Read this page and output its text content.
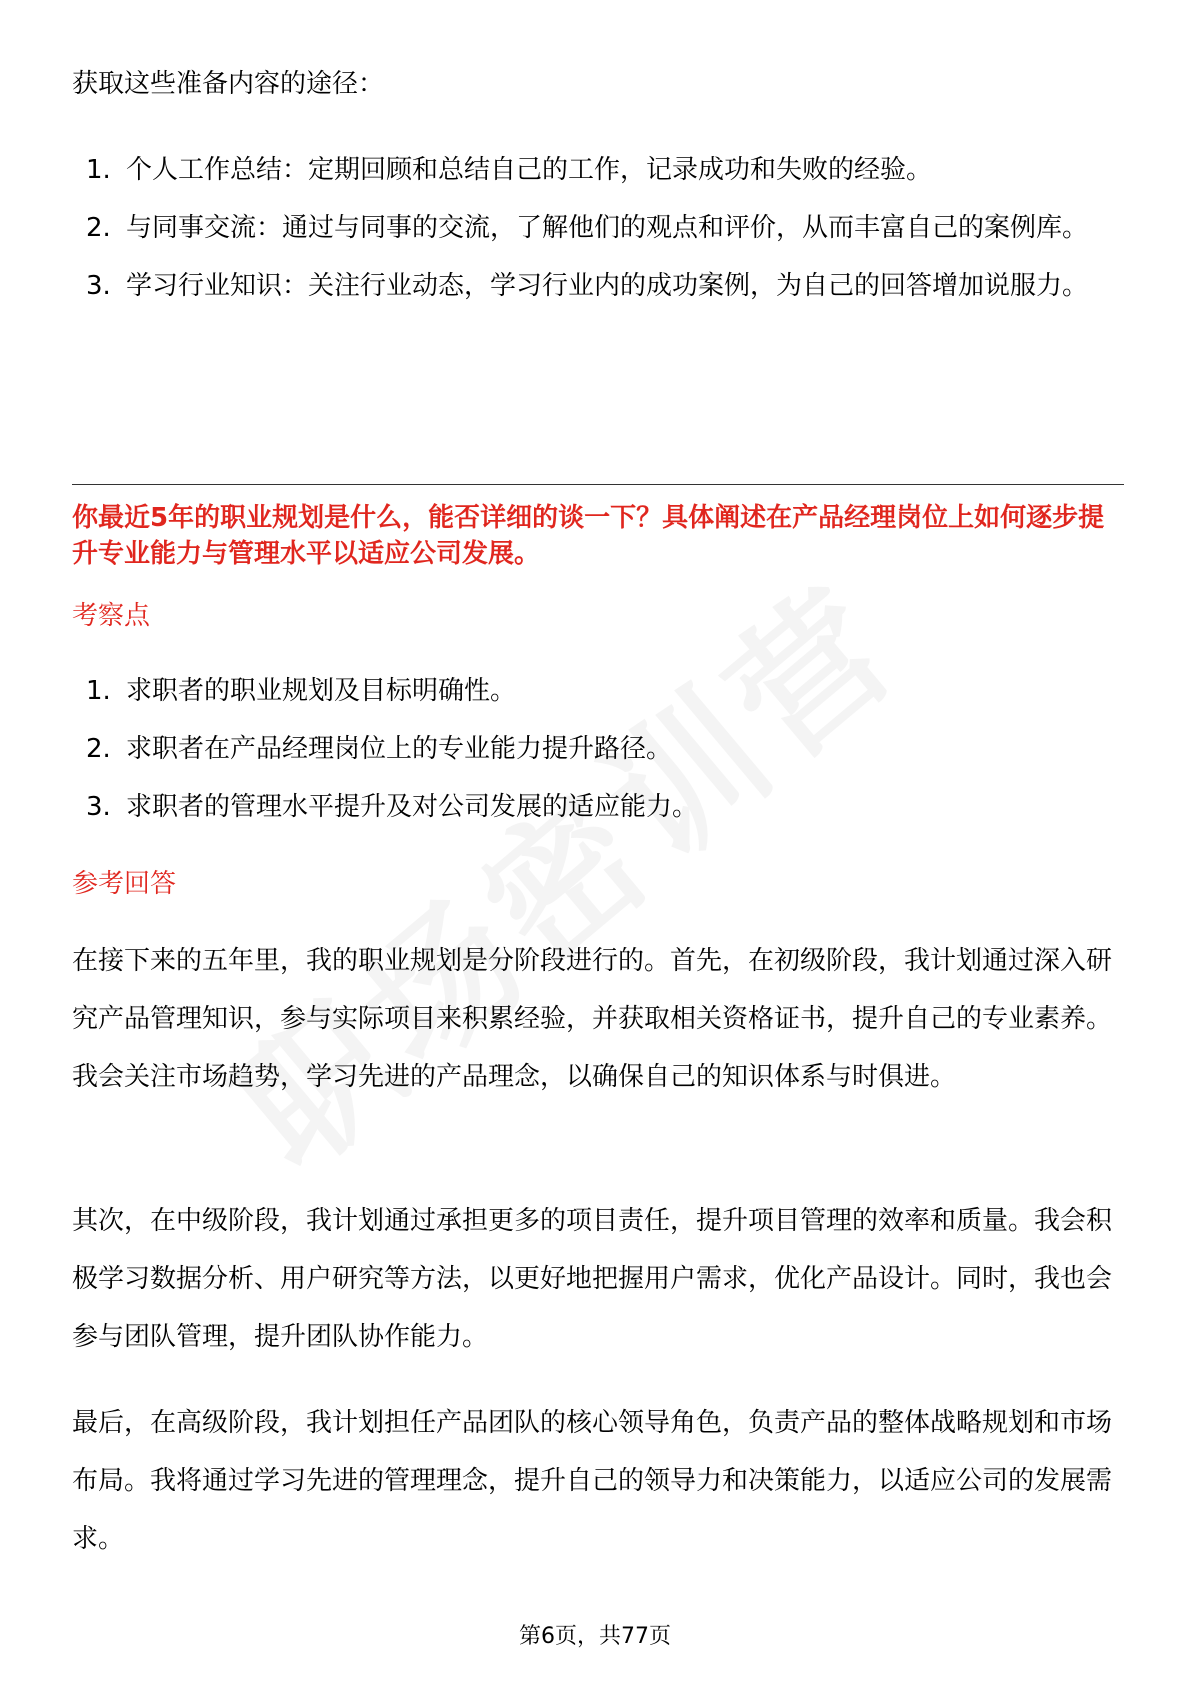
获取这些准备内容的途径：

1. 个人工作总结：定期回顾和总结自己的工作，记录成功和失败的经验。
2. 与同事交流：通过与同事的交流，了解他们的观点和评价，从而丰富自己的案例库。
3. 学习行业知识：关注行业动态，学习行业内的成功案例，为自己的回答增加说服力。

你最近5年的职业规划是什么，能否详细的谈一下？具体阐述在产品经理岗位上如何逐步提升专业能力与管理水平以适应公司发展。

考察点

1. 求职者的职业规划及目标明确性。
2. 求职者在产品经理岗位上的专业能力提升路径。
3. 求职者的管理水平提升及对公司发展的适应能力。

参考回答

在接下来的五年里，我的职业规划是分阶段进行的。首先，在初级阶段，我计划通过深入研究产品管理知识，参与实际项目来积累经验，并获取相关资格证书，提升自己的专业素养。我会关注市场趋势，学习先进的产品理念，以确保自己的知识体系与时俱进。

其次，在中级阶段，我计划通过承担更多的项目责任，提升项目管理的效率和质量。我会积极学习数据分析、用户研究等方法，以更好地把握用户需求，优化产品设计。同时，我也会参与团队管理，提升团队协作能力。

最后，在高级阶段，我计划担任产品团队的核心领导角色，负责产品的整体战略规划和市场布局。我将通过学习先进的管理理念，提升自己的领导力和决策能力，以适应公司的发展需求。

第6页，共77页
